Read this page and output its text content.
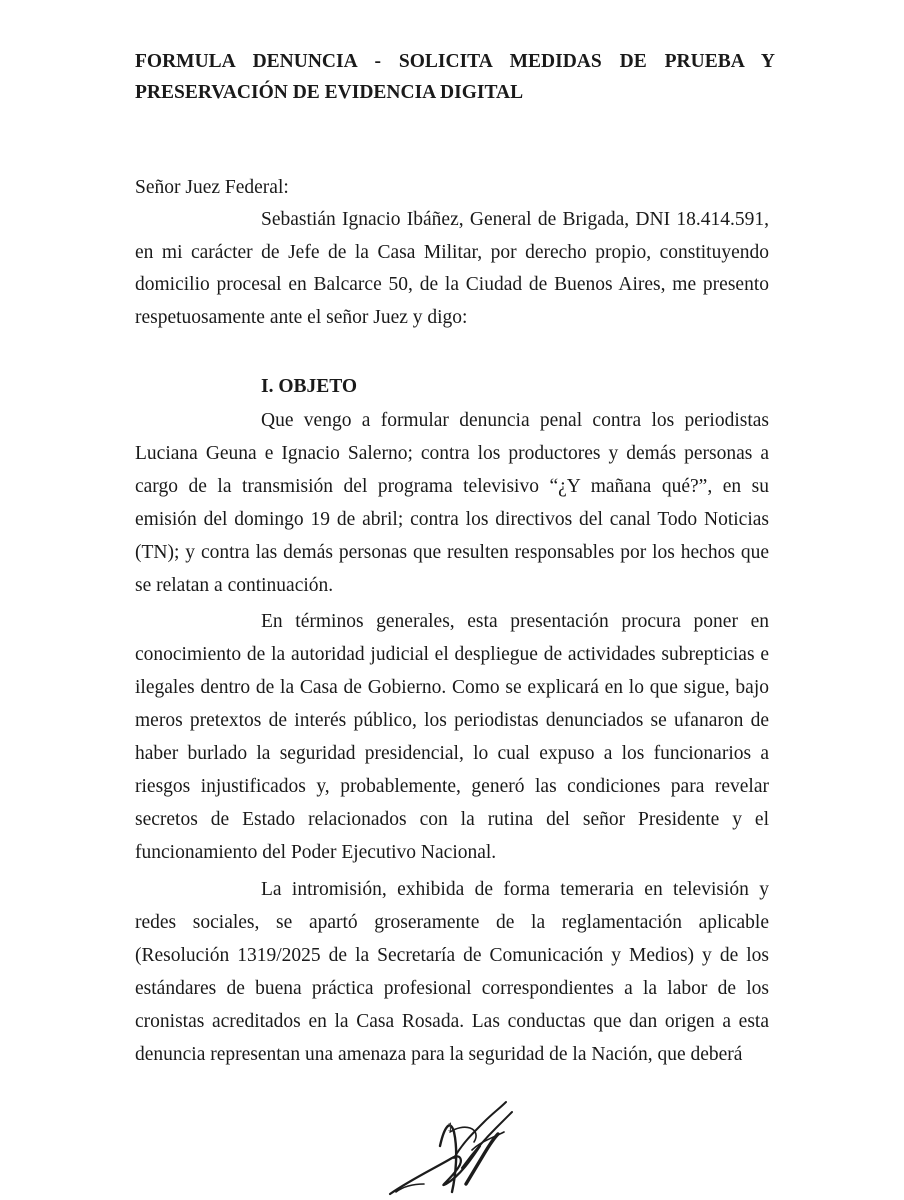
FORMULA DENUNCIA - SOLICITA MEDIDAS DE PRUEBA Y
PRESERVACIÓN DE EVIDENCIA DIGITAL
Señor Juez Federal:
Sebastián Ignacio Ibáñez, General de Brigada, DNI 18.414.591, en mi carácter de Jefe de la Casa Militar, por derecho propio, constituyendo domicilio procesal en Balcarce 50, de la Ciudad de Buenos Aires, me presento respetuosamente ante el señor Juez y digo:
I. OBJETO
Que vengo a formular denuncia penal contra los periodistas Luciana Geuna e Ignacio Salerno; contra los productores y demás personas a cargo de la transmisión del programa televisivo “¿Y mañana qué?”, en su emisión del domingo 19 de abril; contra los directivos del canal Todo Noticias (TN); y contra las demás personas que resulten responsables por los hechos que se relatan a continuación.
En términos generales, esta presentación procura poner en conocimiento de la autoridad judicial el despliegue de actividades subrepticias e ilegales dentro de la Casa de Gobierno. Como se explicará en lo que sigue, bajo meros pretextos de interés público, los periodistas denunciados se ufanaron de haber burlado la seguridad presidencial, lo cual expuso a los funcionarios a riesgos injustificados y, probablemente, generó las condiciones para revelar secretos de Estado relacionados con la rutina del señor Presidente y el funcionamiento del Poder Ejecutivo Nacional.
La intromisión, exhibida de forma temeraria en televisión y redes sociales, se apartó groseramente de la reglamentación aplicable (Resolución 1319/2025 de la Secretaría de Comunicación y Medios) y de los estándares de buena práctica profesional correspondientes a la labor de los cronistas acreditados en la Casa Rosada. Las conductas que dan origen a esta denuncia representan una amenaza para la seguridad de la Nación, que deberá
1
